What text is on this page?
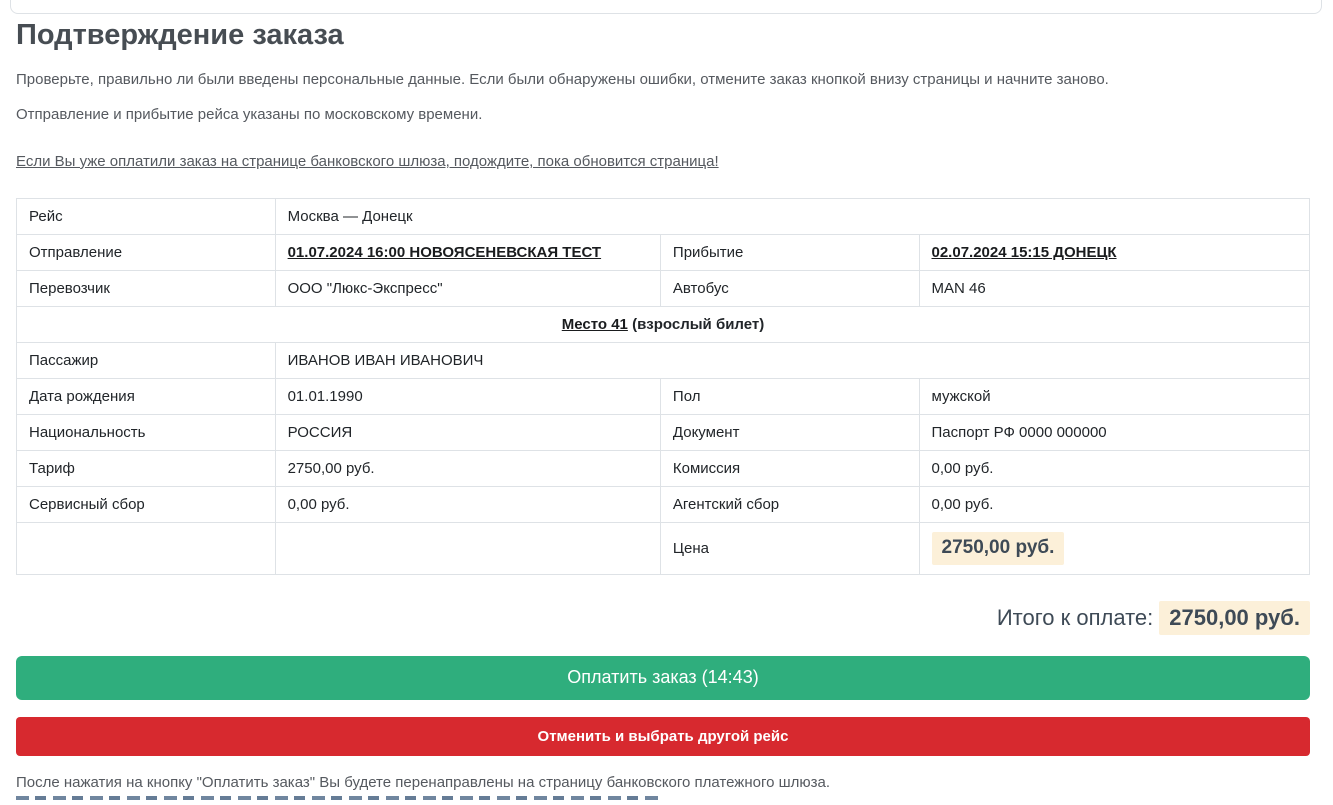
Подтверждение заказа

Проверьте, правильно ли были введены персональные данные. Если были обнаружены ошибки, отмените заказ кнопкой внизу страницы и начните заново.

Отправление и прибытие рейса указаны по московскому времени.

Если Вы уже оплатили заказ на странице банковского шлюза, подождите, пока обновится страница!

Рейс	Москва — Донецк		
Отправление	01.07.2024 16:00 НОВОЯСЕНЕВСКАЯ ТЕСТ	Прибытие	02.07.2024 15:15 ДОНЕЦК
Перевозчик	ООО "Люкс-Экспресс"	Автобус	MAN 46
Место 41 (взрослый билет)			
Пассажир	ИВАНОВ ИВАН ИВАНОВИЧ		
Дата рождения	01.01.1990	Пол	мужской
Национальность	РОССИЯ	Документ	Паспорт РФ 0000 000000
Тариф	2750,00 руб.	Комиссия	0,00 руб.
Сервисный сбор	0,00 руб.	Агентский сбор	0,00 руб.
		Цена	2750,00 руб.
Итого к оплате: 2750,00 руб.
Оплатить заказ (14:43)
Отменить и выбрать другой рейс

После нажатия на кнопку "Оплатить заказ" Вы будете перенаправлены на страницу банковского платежного шлюза.
